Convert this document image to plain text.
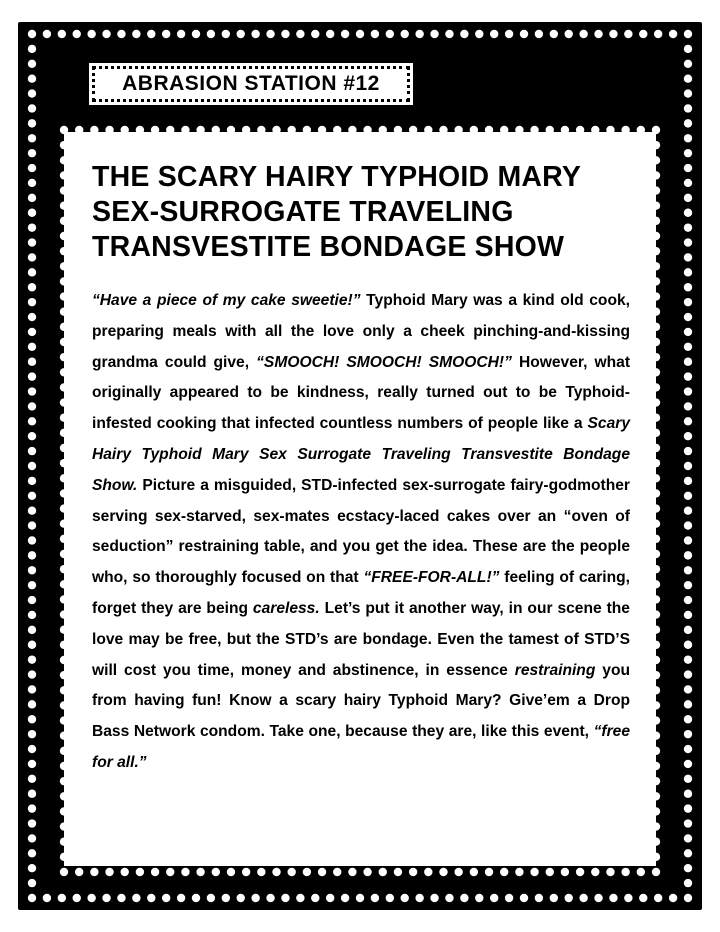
ABRASION STATION #12
THE SCARY HAIRY TYPHOID MARY
SEX-SURROGATE TRAVELING
TRANSVESTITE BONDAGE SHOW

“Have a piece of my cake sweetie!” Typhoid Mary was a kind old cook, preparing meals with all the love only a cheek pinching-and-kissing grandma could give, “SMOOCH! SMOOCH! SMOOCH!” However, what originally appeared to be kindness, really turned out to be Typhoid-infested cooking that infected countless numbers of people like a Scary Hairy Typhoid Mary Sex Surrogate Traveling Transvestite Bondage Show. Picture a misguided, STD-infected sex-surrogate fairy-godmother serving sex-starved, sex-mates ecstacy-laced cakes over an “oven of seduction” restraining table, and you get the idea. These are the people who, so thoroughly focused on that “FREE-FOR-ALL!” feeling of caring, forget they are being careless. Let’s put it another way, in our scene the love may be free, but the STD’s are bondage. Even the tamest of STD’S will cost you time, money and abstinence, in essence restraining you from having fun! Know a scary hairy Typhoid Mary? Give’em a Drop Bass Network condom. Take one, because they are, like this event, “free for all.”
